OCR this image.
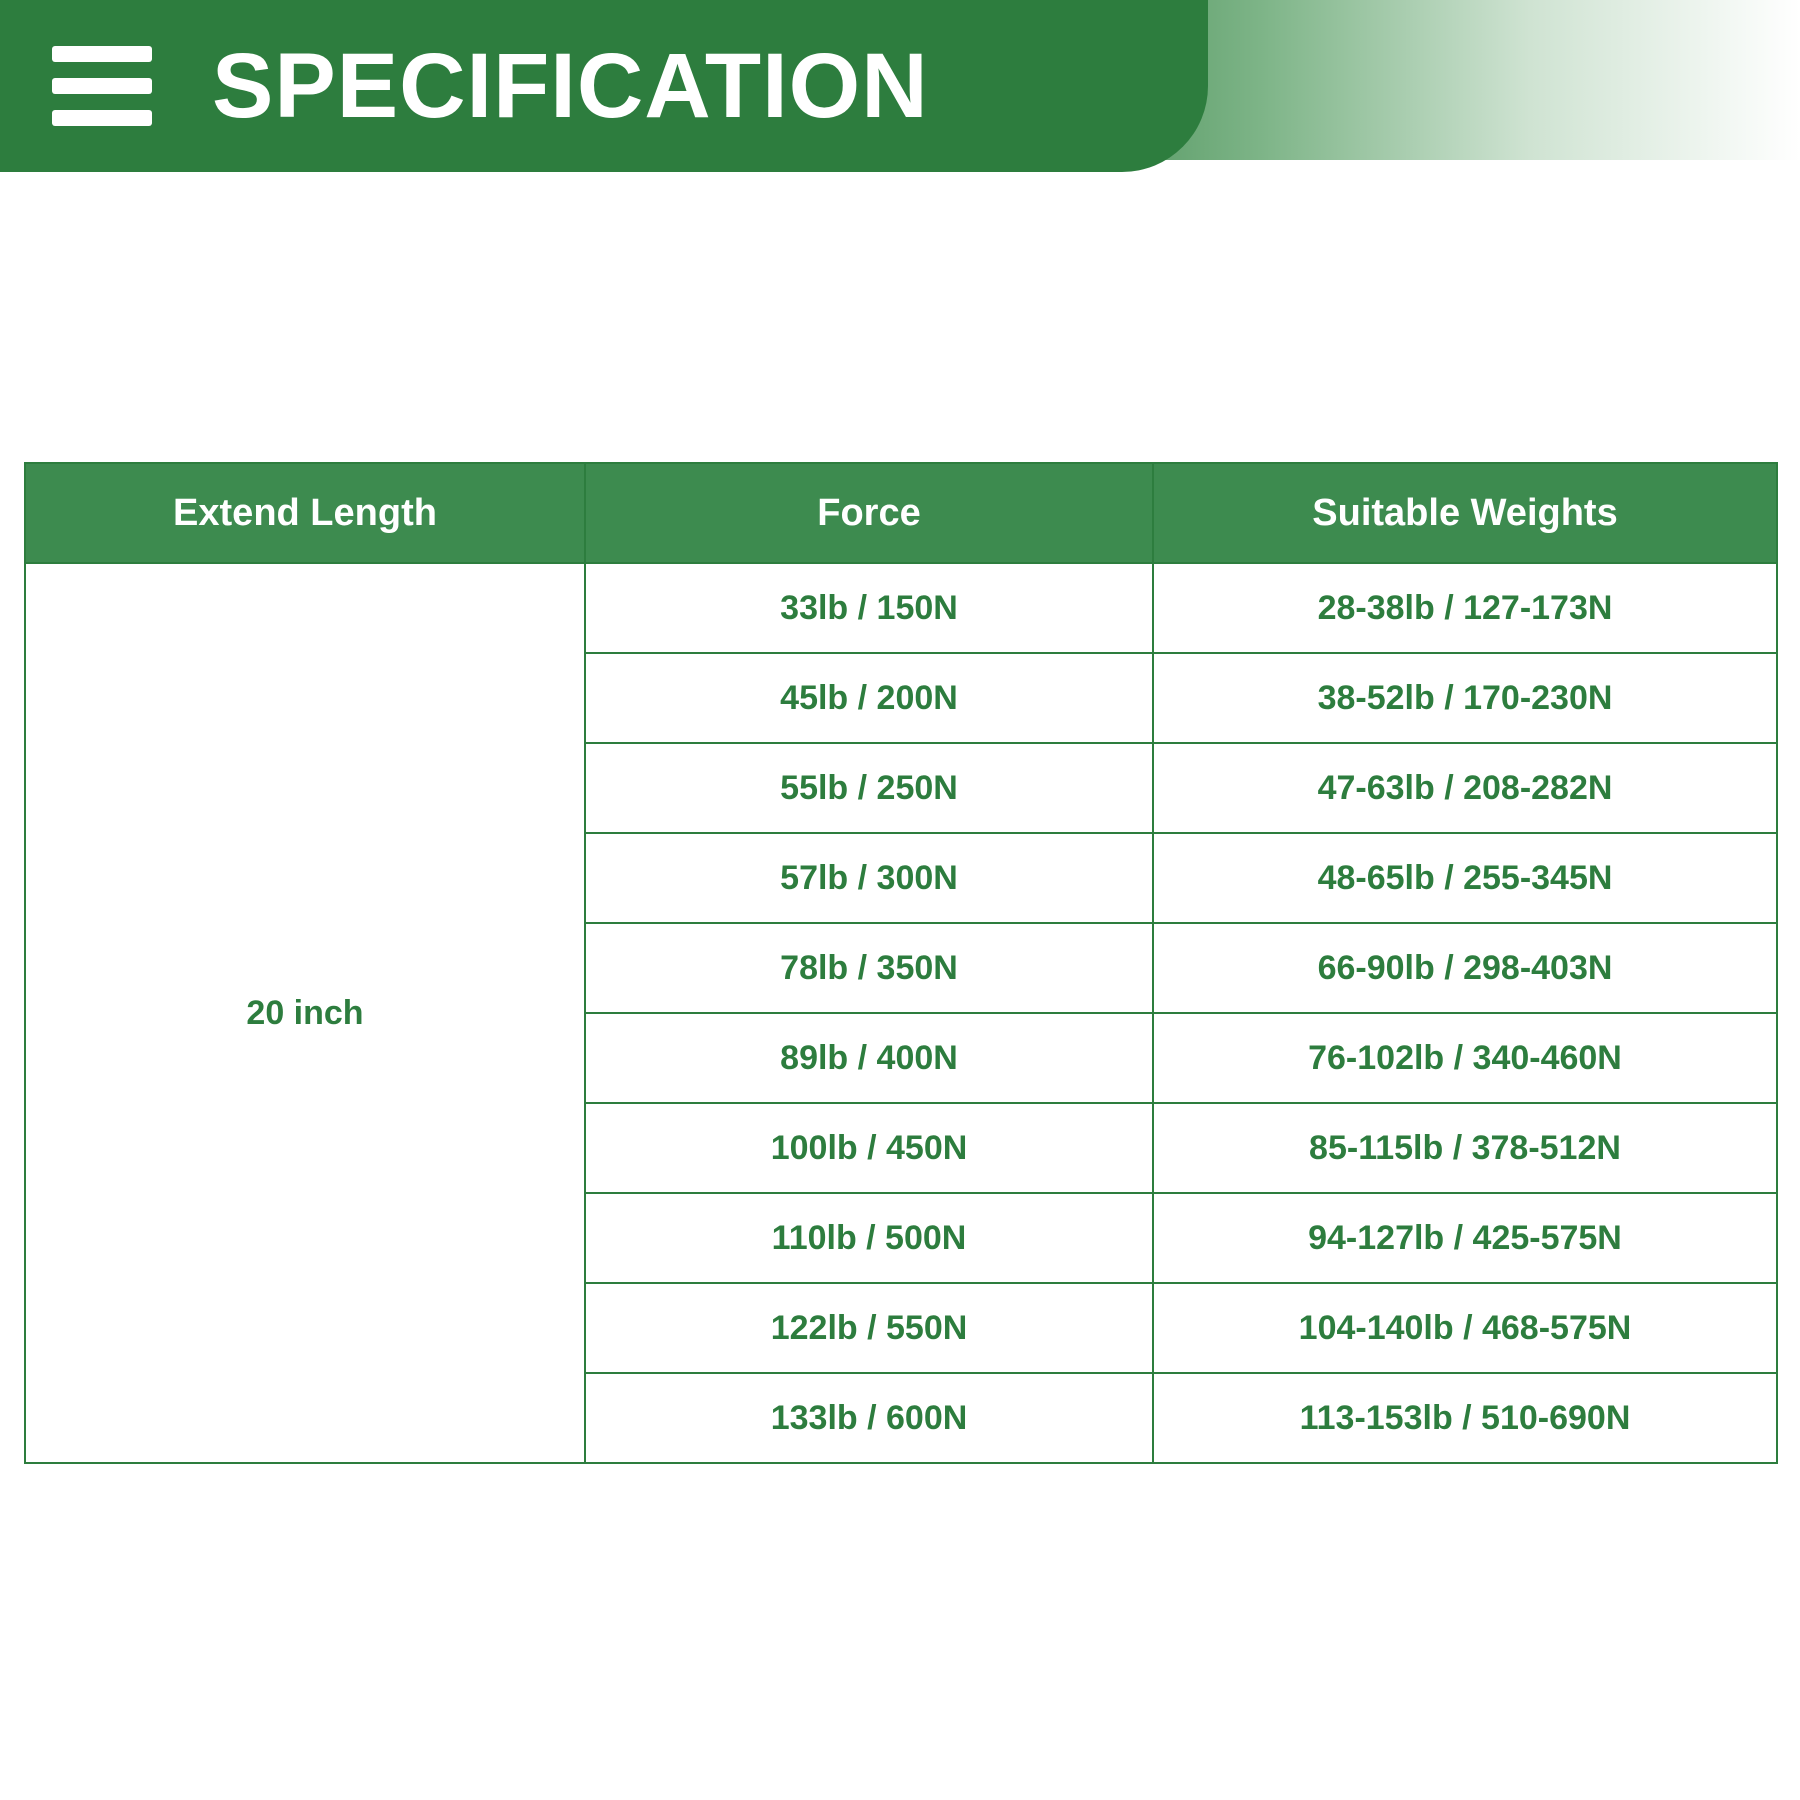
SPECIFICATION
Extend Length	Force	Suitable Weights
20 inch	33lb / 150N	28-38lb / 127-173N
	45lb / 200N	38-52lb / 170-230N
	55lb / 250N	47-63lb / 208-282N
	57lb / 300N	48-65lb / 255-345N
	78lb / 350N	66-90lb / 298-403N
	89lb / 400N	76-102lb / 340-460N
	100lb / 450N	85-115lb / 378-512N
	110lb / 500N	94-127lb / 425-575N
	122lb / 550N	104-140lb / 468-575N
	133lb / 600N	113-153lb / 510-690N
